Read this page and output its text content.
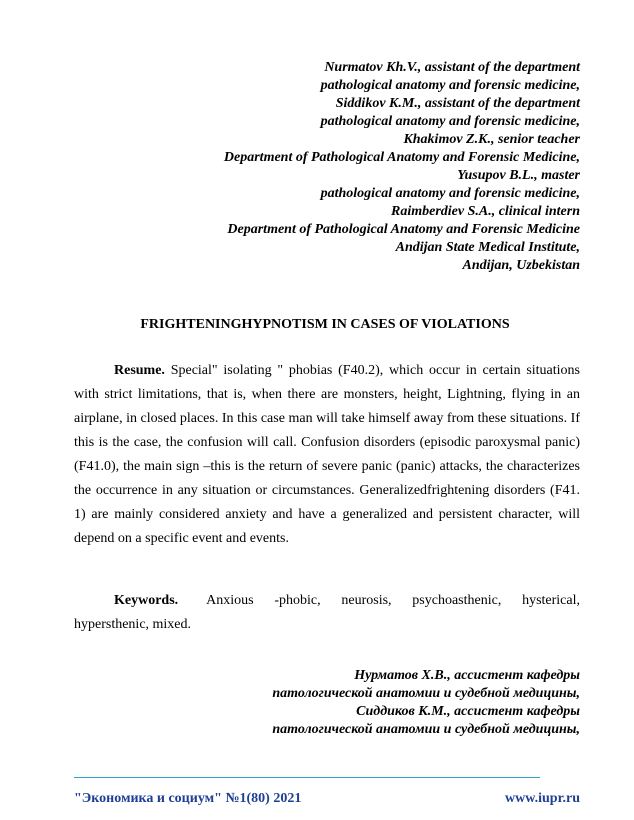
Nurmatov Kh.V., assistant of the department
pathological anatomy and forensic medicine,
Siddikov K.M., assistant of the department
pathological anatomy and forensic medicine,
Khakimov Z.K., senior teacher
Department of Pathological Anatomy and Forensic Medicine,
Yusupov B.L., master
pathological anatomy and forensic medicine,
Raimberdiev S.A., clinical intern
Department of Pathological Anatomy and Forensic Medicine
Andijan State Medical Institute,
Andijan, Uzbekistan
FRIGHTENINGHYPNOTISM IN CASES OF VIOLATIONS
Resume. Special" isolating " phobias (F40.2), which occur in certain situations with strict limitations, that is, when there are monsters, height, Lightning, flying in an airplane, in closed places. In this case man will take himself away from these situations. If this is the case, the confusion will call. Confusion disorders (episodic paroxysmal panic) (F41.0), the main sign –this is the return of severe panic (panic) attacks, the characterizes the occurrence in any situation or circumstances. Generalizedfrightening disorders (F41. 1) are mainly considered anxiety and have a generalized and persistent character, will depend on a specific event and events.
Keywords. Anxious -phobic, neurosis, psychoasthenic, hysterical, hypersthenic, mixed.
Нурматов Х.В., ассистент кафедры
патологической анатомии и судебной медицины,
Сиддиков К.М., ассистент кафедры
патологической анатомии и судебной медицины,
"Экономика и социум" №1(80) 2021	www.iupr.ru
